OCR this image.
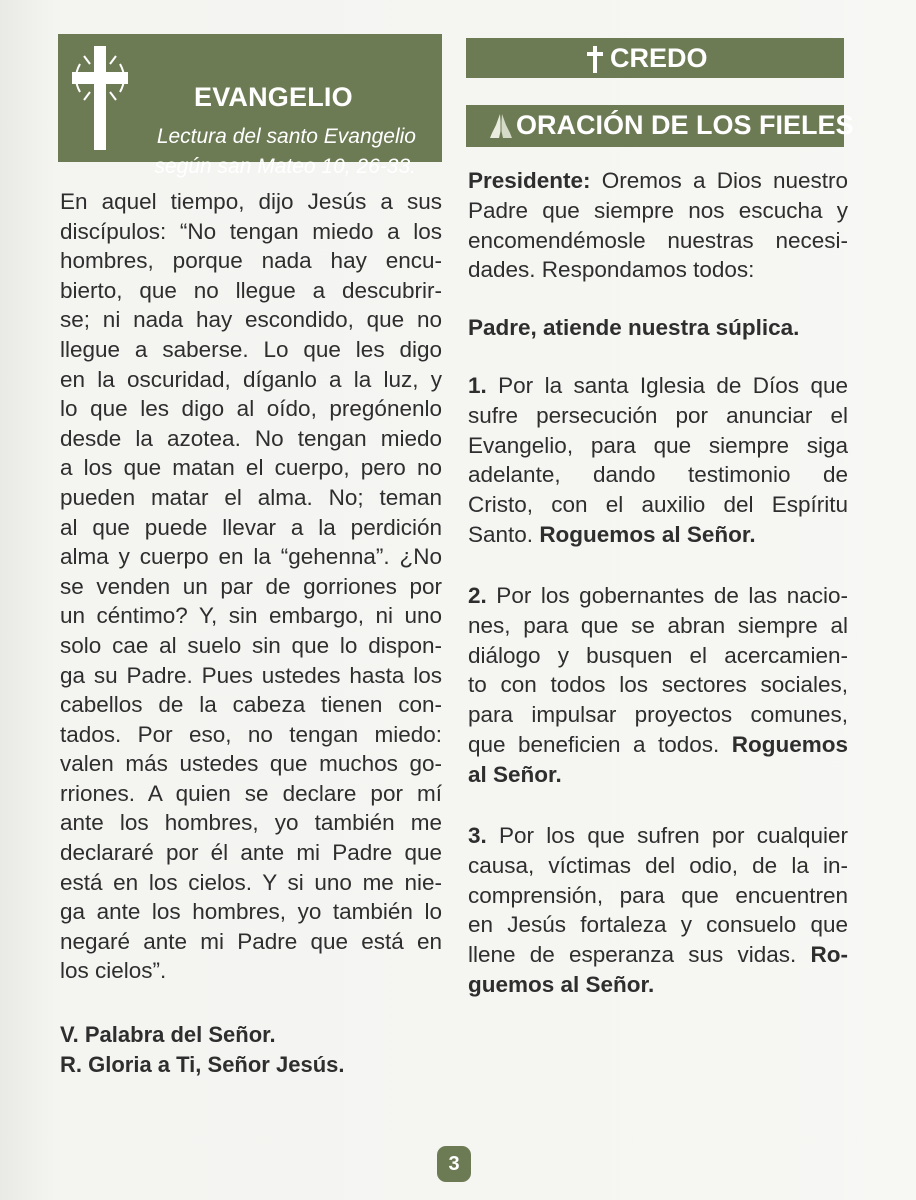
EVANGELIO
Lectura del santo Evangelio
según san Mateo 10, 26-33.
En aquel tiempo, dijo Jesús a sus
discípulos: “No tengan miedo a los
hombres, porque nada hay encu-
bierto, que no llegue a descubrir-
se; ni nada hay escondido, que no
llegue a saberse. Lo que les digo
en la oscuridad, díganlo a la luz, y
lo que les digo al oído, pregónenlo
desde la azotea. No tengan miedo
a los que matan el cuerpo, pero no
pueden matar el alma. No; teman
al que puede llevar a la perdición
alma y cuerpo en la “gehenna”. ¿No
se venden un par de gorriones por
un céntimo? Y, sin embargo, ni uno
solo cae al suelo sin que lo dispon-
ga su Padre. Pues ustedes hasta los
cabellos de la cabeza tienen con-
tados. Por eso, no tengan miedo:
valen más ustedes que muchos go-
rriones. A quien se declare por mí
ante los hombres, yo también me
declararé por él ante mi Padre que
está en los cielos. Y si uno me nie-
ga ante los hombres, yo también lo
negaré ante mi Padre que está en
los cielos”.
V. Palabra del Señor.
R. Gloria a Ti, Señor Jesús.
CREDO
ORACIÓN DE LOS FIELES
Presidente: Oremos a Dios nuestro
Padre que siempre nos escucha y
encomendémosle nuestras necesi-
dades. Respondamos todos:
Padre, atiende nuestra súplica.
1. Por la santa Iglesia de Díos que
sufre persecución por anunciar el
Evangelio, para que siempre siga
adelante, dando testimonio de
Cristo, con el auxilio del Espíritu
Santo. Roguemos al Señor.
2. Por los gobernantes de las nacio-
nes, para que se abran siempre al
diálogo y busquen el acercamien-
to con todos los sectores sociales,
para impulsar proyectos comunes,
que beneficien a todos. Roguemos
al Señor.
3. Por los que sufren por cualquier
causa, víctimas del odio, de la in-
comprensión, para que encuentren
en Jesús fortaleza y consuelo que
llene de esperanza sus vidas. Ro-
guemos al Señor.
3
